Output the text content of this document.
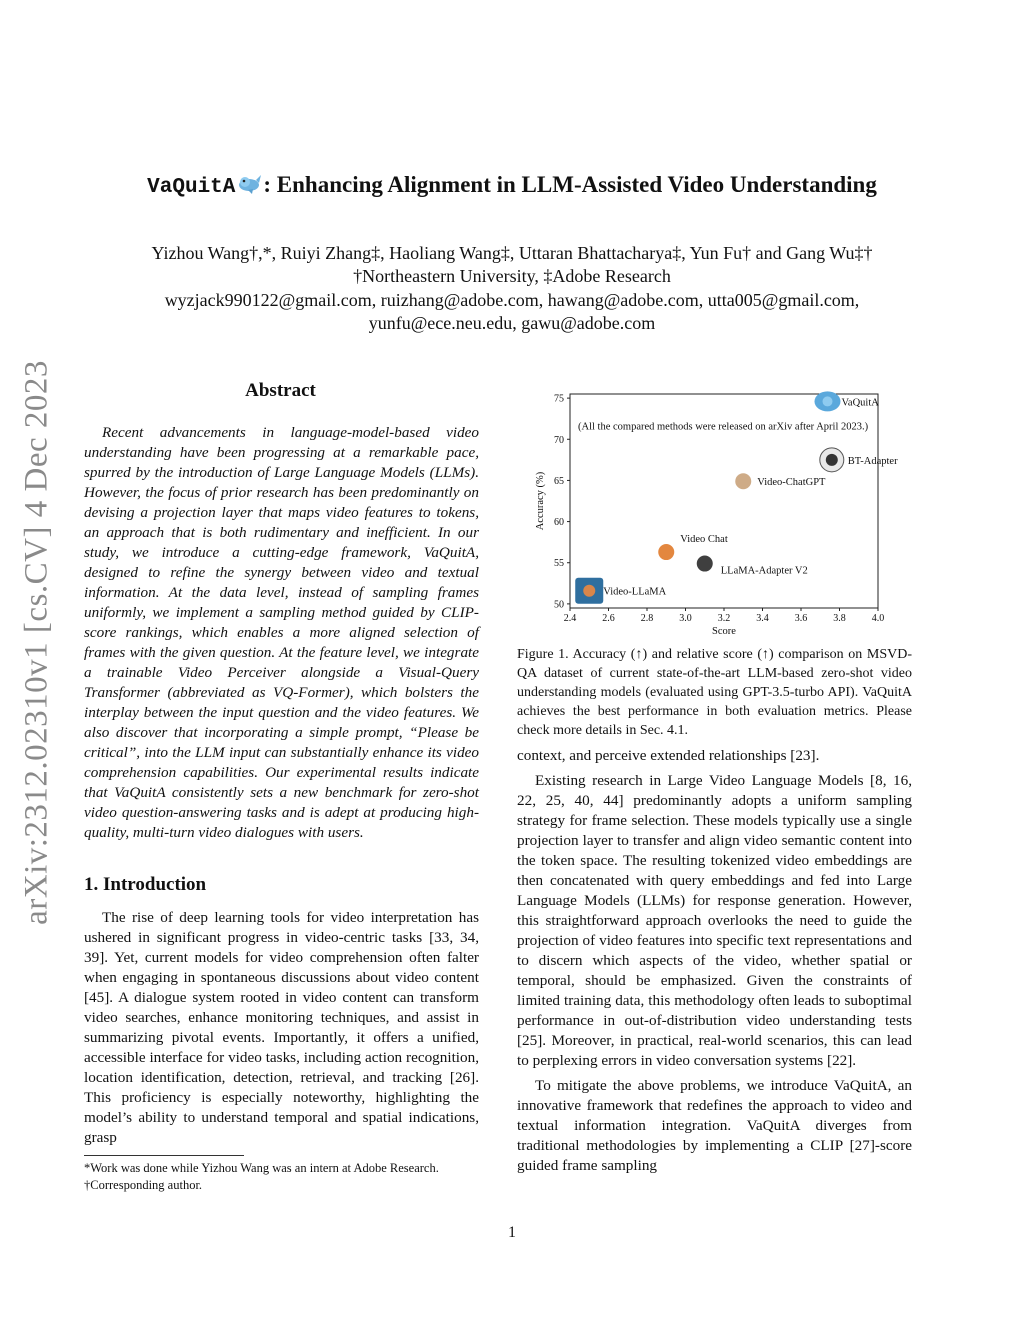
arXiv:2312.02310v1 [cs.CV] 4 Dec 2023
VaQuitA : Enhancing Alignment in LLM-Assisted Video Understanding
Yizhou Wang†,*, Ruiyi Zhang‡, Haoliang Wang‡, Uttaran Bhattacharya‡, Yun Fu† and Gang Wu‡†
†Northeastern University, ‡Adobe Research
wyzjack990122@gmail.com, ruizhang@adobe.com, hawang@adobe.com, utta005@gmail.com,
yunfu@ece.neu.edu, gawu@adobe.com
Abstract

Recent advancements in language-model-based video understanding have been progressing at a remarkable pace, spurred by the introduction of Large Language Models (LLMs). However, the focus of prior research has been predominantly on devising a projection layer that maps video features to tokens, an approach that is both rudimentary and inefficient. In our study, we introduce a cutting-edge framework, VaQuitA, designed to refine the synergy between video and textual information. At the data level, instead of sampling frames uniformly, we implement a sampling method guided by CLIP-score rankings, which enables a more aligned selection of frames with the given question. At the feature level, we integrate a trainable Video Perceiver alongside a Visual-Query Transformer (abbreviated as VQ-Former), which bolsters the interplay between the input question and the video features. We also discover that incorporating a simple prompt, “Please be critical”, into the LLM input can substantially enhance its video comprehension capabilities. Our experimental results indicate that VaQuitA consistently sets a new benchmark for zero-shot video question-answering tasks and is adept at producing high-quality, multi-turn video dialogues with users.

1. Introduction

The rise of deep learning tools for video interpretation has ushered in significant progress in video-centric tasks [33, 34, 39]. Yet, current models for video comprehension often falter when engaging in spontaneous discussions about video content [45]. A dialogue system rooted in video content can transform video searches, enhance monitoring techniques, and assist in summarizing pivotal events. Importantly, it offers a unified, accessible interface for video tasks, including action recognition, location identification, detection, retrieval, and tracking [26]. This proficiency is especially noteworthy, highlighting the model’s ability to understand temporal and spatial indications, grasp

*Work was done while Yizhou Wang was an intern at Adobe Research.
†Corresponding author.
2.4	2.6	2.8	3.0	3.2	3.4	3.6	3.8	4.0
50
55
60
65
70
75
(All the compared methods were released on arXiv after April 2023.)
VaQuitA
BT-Adapter
Video-ChatGPT
Video Chat
LLaMA-Adapter V2
Video-LLaMA
Score
Accuracy (%)
Figure 1. Accuracy (↑) and relative score (↑) comparison on MSVD-QA dataset of current state-of-the-art LLM-based zero-shot video understanding models (evaluated using GPT-3.5-turbo API). VaQuitA achieves the best performance in both evaluation metrics. Please check more details in Sec. 4.1.

context, and perceive extended relationships [23].

Existing research in Large Video Language Models [8, 16, 22, 25, 40, 44] predominantly adopts a uniform sampling strategy for frame selection. These models typically use a single projection layer to transfer and align video semantic content into the token space. The resulting tokenized video embeddings are then concatenated with query embeddings and fed into Large Language Models (LLMs) for response generation. However, this straightforward approach overlooks the need to guide the projection of video features into specific text representations and to discern which aspects of the video, whether spatial or temporal, should be emphasized. Given the constraints of limited training data, this methodology often leads to suboptimal performance in out-of-distribution video understanding tests [25]. Moreover, in practical, real-world scenarios, this can lead to perplexing errors in video conversation systems [22].

To mitigate the above problems, we introduce VaQuitA, an innovative framework that redefines the approach to video and textual information integration. VaQuitA diverges from traditional methodologies by implementing a CLIP [27]-score guided frame sampling

1
